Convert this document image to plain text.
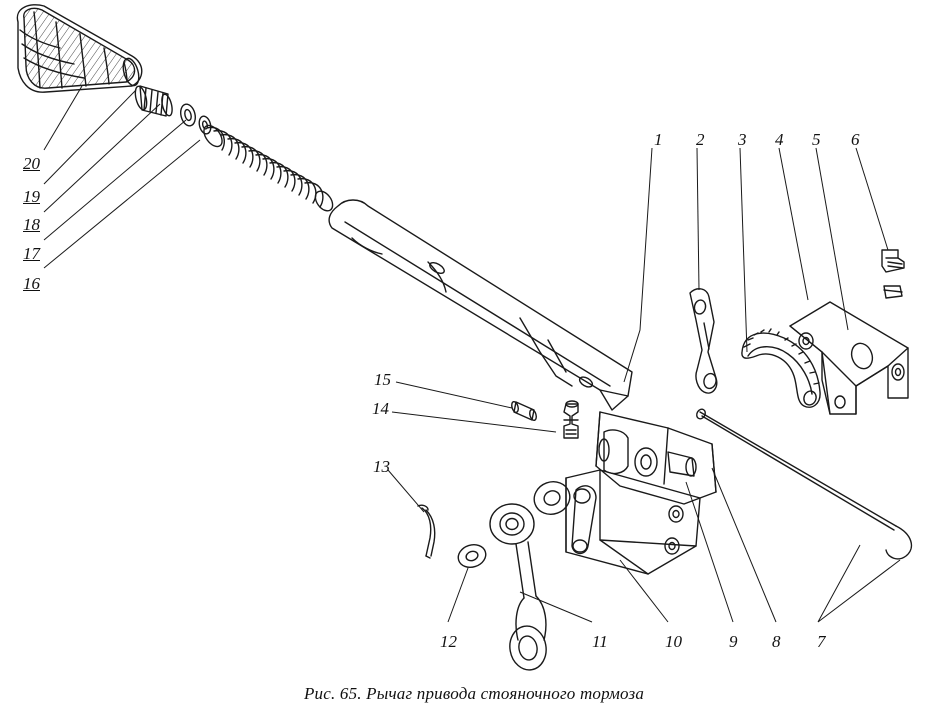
Рис. 65. Рычаг привода стояночного тормоза
1 2 3 4 5 6
7
8
9
10
11
12
13
14
15
16
17
18
19
20
